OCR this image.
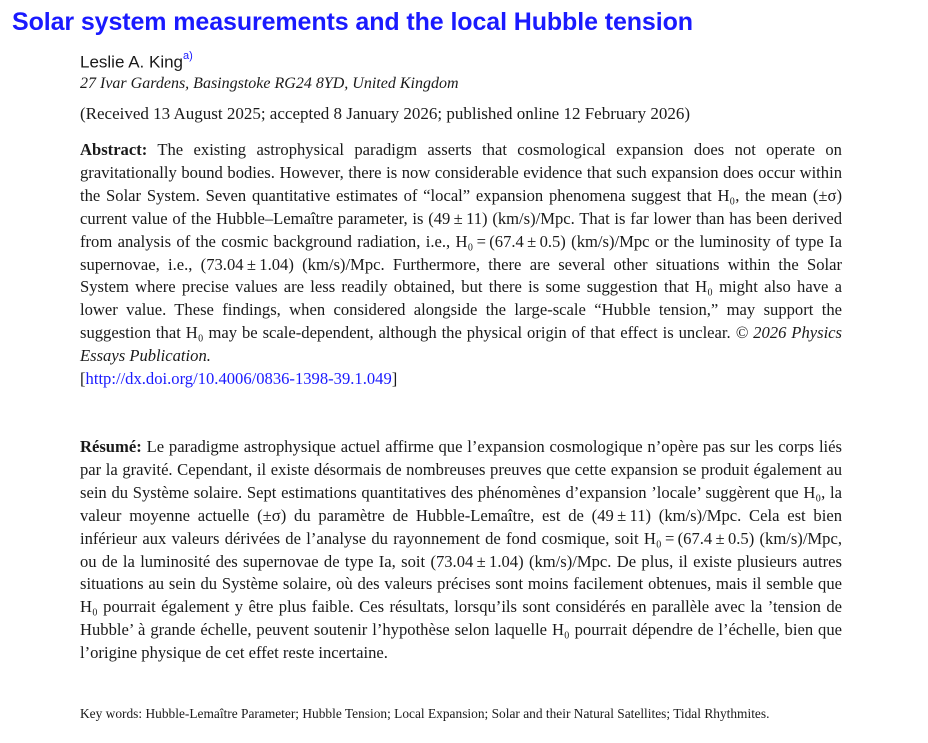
Solar system measurements and the local Hubble tension
Leslie A. King$^{a)}$
27 Ivar Gardens, Basingstoke RG24 8YD, United Kingdom
(Received 13 August 2025; accepted 8 January 2026; published online 12 February 2026)
Abstract: The existing astrophysical paradigm asserts that cosmological expansion does not operate on gravitationally bound bodies. However, there is now considerable evidence that such expansion does occur within the Solar System. Seven quantitative estimates of “local” expansion phenomena suggest that H₀, the mean (±σ) current value of the Hubble–Lemaître parameter, is (49 ± 11) (km/s)/Mpc. That is far lower than has been derived from analysis of the cosmic background radiation, i.e., H₀ = (67.4 ± 0.5) (km/s)/Mpc or the luminosity of type Ia supernovae, i.e., (73.04 ± 1.04) (km/s)/Mpc. Furthermore, there are several other situations within the Solar System where precise values are less readily obtained, but there is some suggestion that H₀ might also have a lower value. These findings, when considered alongside the large-scale “Hubble tension,” may support the suggestion that H₀ may be scale-dependent, although the physical origin of that effect is unclear. © 2026 Physics Essays Publication.
[http://dx.doi.org/10.4006/0836-1398-39.1.049]
Résumé: Le paradigme astrophysique actuel affirme que l’expansion cosmologique n’opère pas sur les corps liés par la gravité. Cependant, il existe désormais de nombreuses preuves que cette expansion se produit également au sein du Système solaire. Sept estimations quantitatives des phénomènes d’expansion ’locale’ suggèrent que H₀, la valeur moyenne actuelle (±σ) du paramètre de Hubble-Lemaître, est de (49 ± 11) (km/s)/Mpc. Cela est bien inférieur aux valeurs dérivées de l’analyse du rayonnement de fond cosmique, soit H₀ = (67.4 ± 0.5) (km/s)/Mpc, ou de la luminosité des supernovae de type Ia, soit (73.04 ± 1.04) (km/s)/Mpc. De plus, il existe plusieurs autres situations au sein du Système solaire, où des valeurs précises sont moins facilement obtenues, mais il semble que H₀ pourrait également y être plus faible. Ces résultats, lorsqu’ils sont considérés en parallèle avec la ’tension de Hubble’ à grande échelle, peuvent soutenir l’hypothèse selon laquelle H₀ pourrait dépendre de l’échelle, bien que l’origine physique de cet effet reste incertaine.
Key words: Hubble-Lemaître Parameter; Hubble Tension; Local Expansion; Solar and their Natural Satellites; Tidal Rhythmites.
